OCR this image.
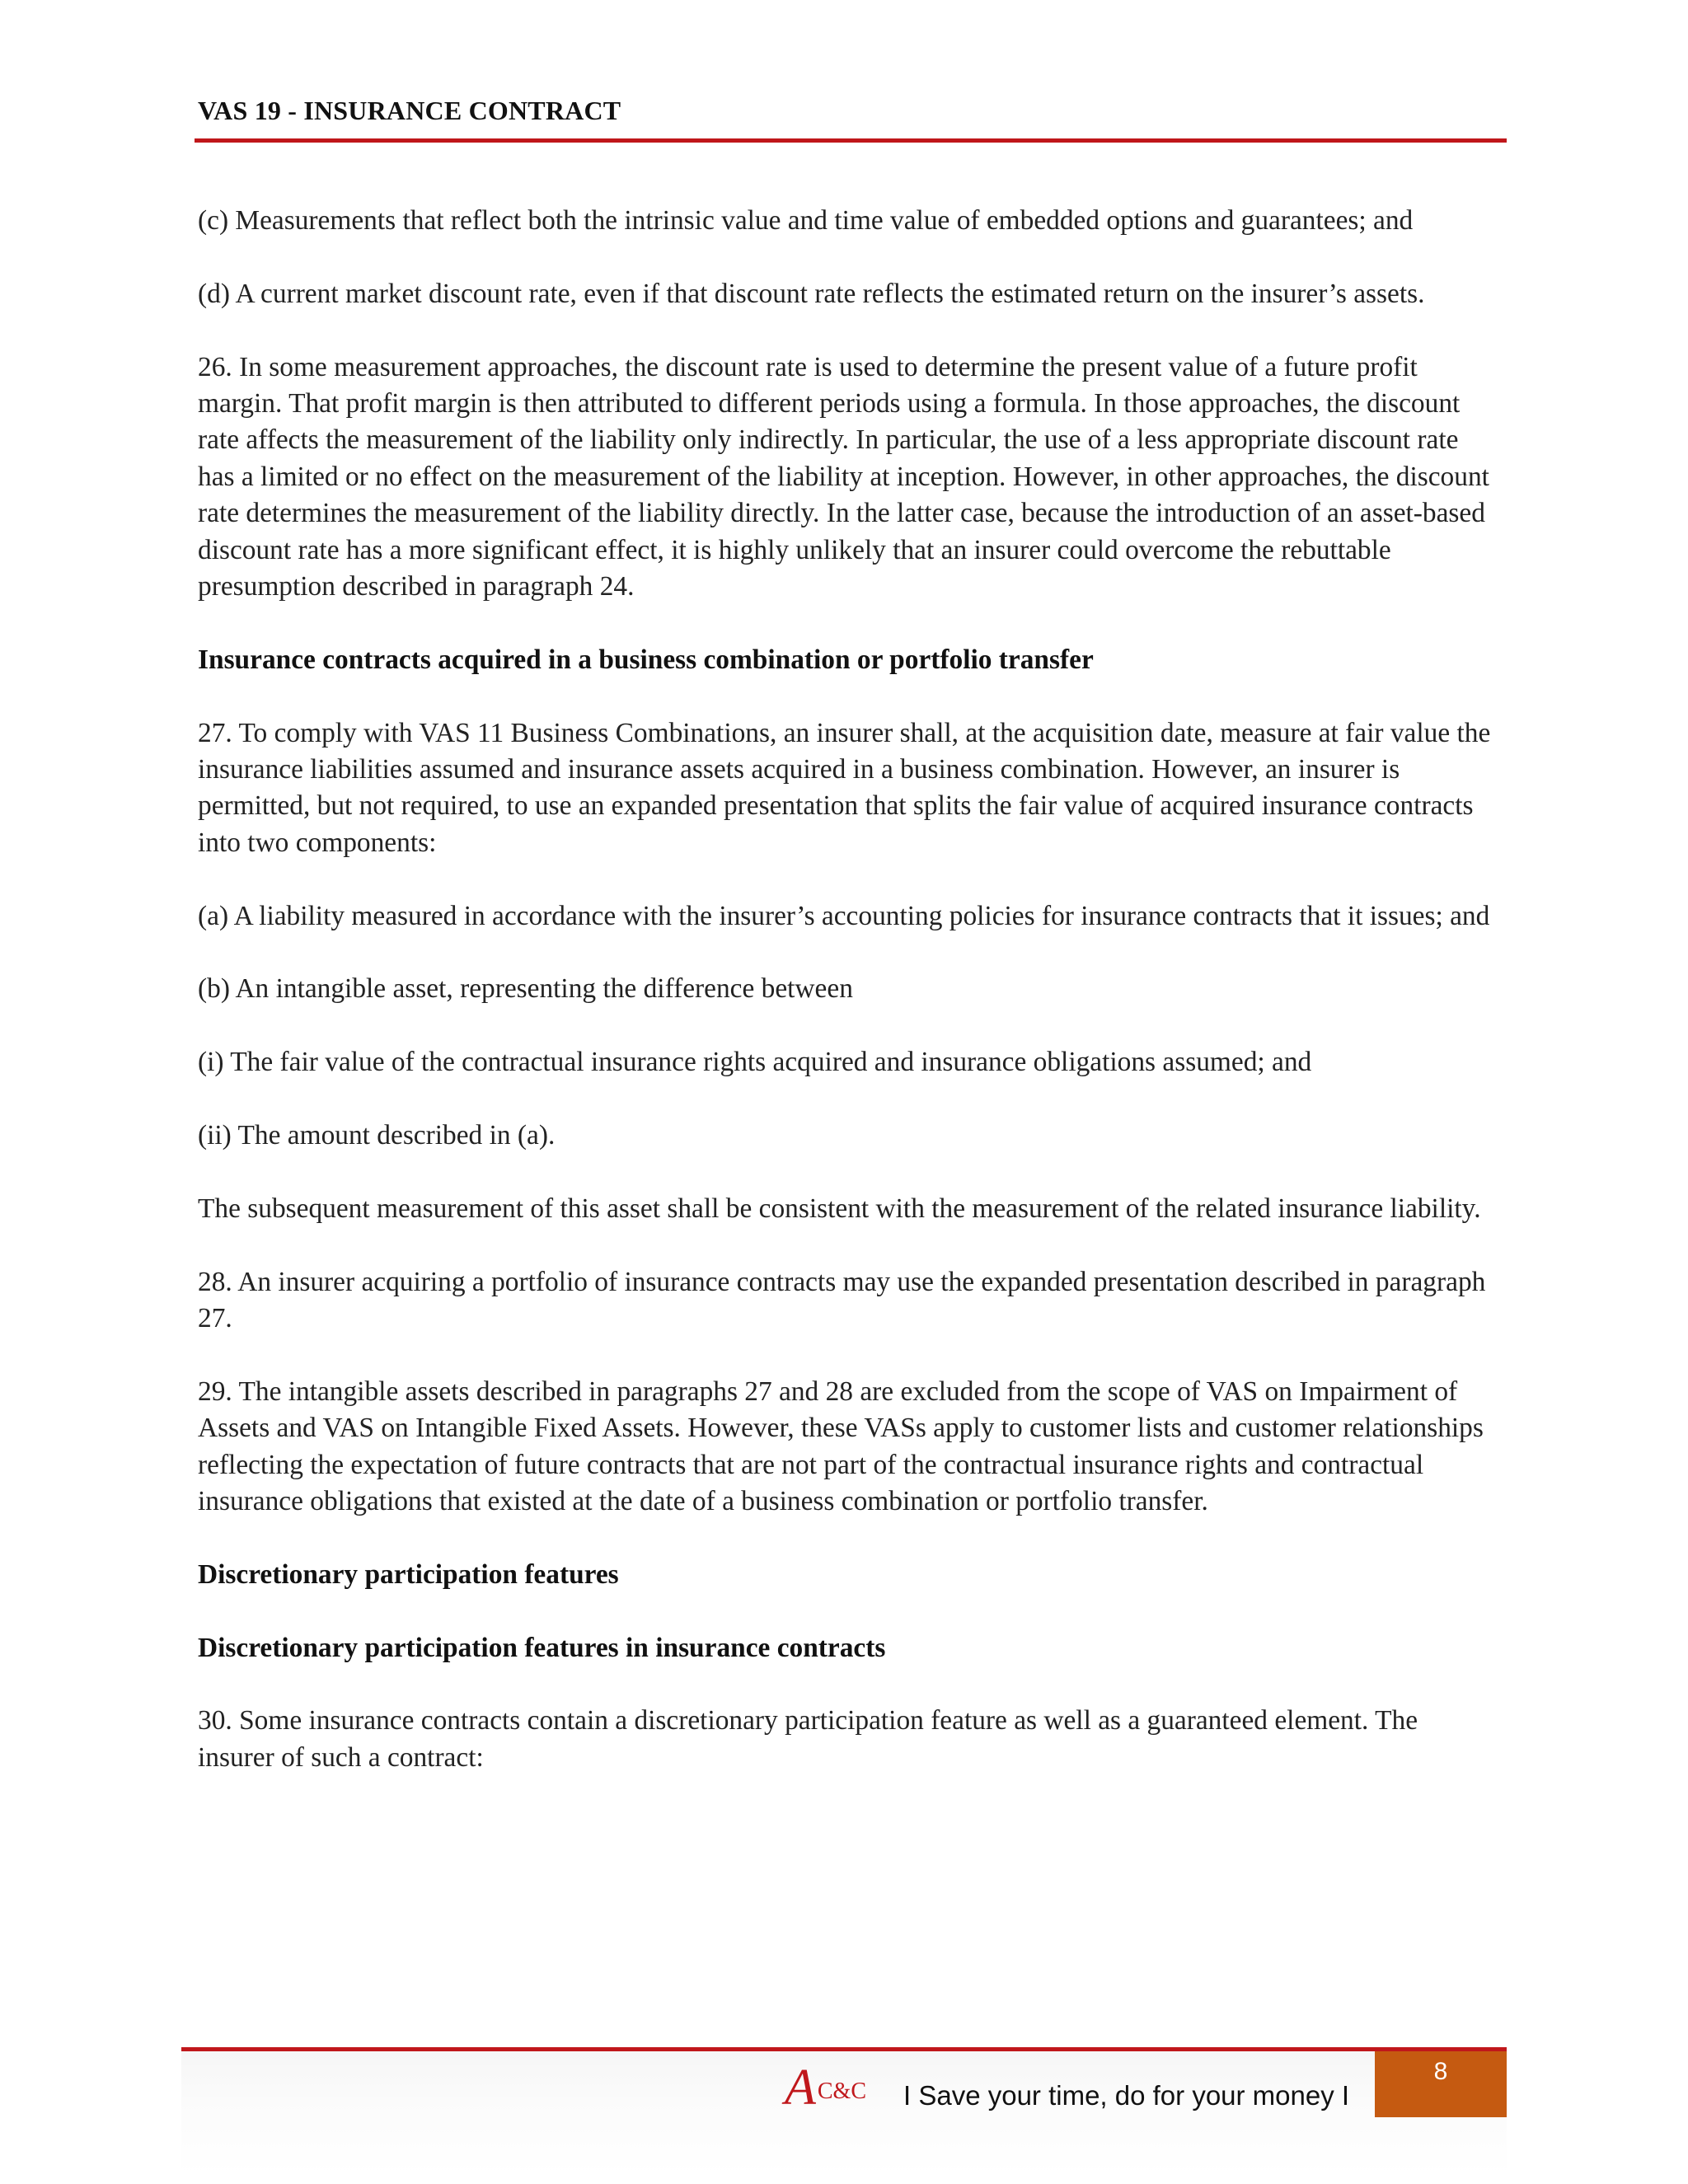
VAS 19 - INSURANCE CONTRACT

(c) Measurements that reflect both the intrinsic value and time value of embedded options and guarantees; and

(d) A current market discount rate, even if that discount rate reflects the estimated return on the insurer’s assets.

26. In some measurement approaches, the discount rate is used to determine the present value of a future profit margin. That profit margin is then attributed to different periods using a formula. In those approaches, the discount rate affects the measurement of the liability only indirectly. In particular, the use of a less appropriate discount rate has a limited or no effect on the measurement of the liability at inception. However, in other approaches, the discount rate determines the measurement of the liability directly. In the latter case, because the introduction of an asset-based discount rate has a more significant effect, it is highly unlikely that an insurer could overcome the rebuttable presumption described in paragraph 24.

Insurance contracts acquired in a business combination or portfolio transfer

27. To comply with VAS 11 Business Combinations, an insurer shall, at the acquisition date, measure at fair value the insurance liabilities assumed and insurance assets acquired in a business combination. However, an insurer is permitted, but not required, to use an expanded presentation that splits the fair value of acquired insurance contracts into two components:

(a) A liability measured in accordance with the insurer’s accounting policies for insurance contracts that it issues; and

(b) An intangible asset, representing the difference between

(i) The fair value of the contractual insurance rights acquired and insurance obligations assumed; and

(ii) The amount described in (a).

The subsequent measurement of this asset shall be consistent with the measurement of the related insurance liability.

28. An insurer acquiring a portfolio of insurance contracts may use the expanded presentation described in paragraph 27.

29. The intangible assets described in paragraphs 27 and 28 are excluded from the scope of VAS on Impairment of Assets and VAS on Intangible Fixed Assets. However, these VASs apply to customer lists and customer relationships reflecting the expectation of future contracts that are not part of the contractual insurance rights and contractual insurance obligations that existed at the date of a business combination or portfolio transfer.

Discretionary participation features

Discretionary participation features in insurance contracts

30. Some insurance contracts contain a discretionary participation feature as well as a guaranteed element. The insurer of such a contract:

A C&C I Save your time, do for your money I
8
